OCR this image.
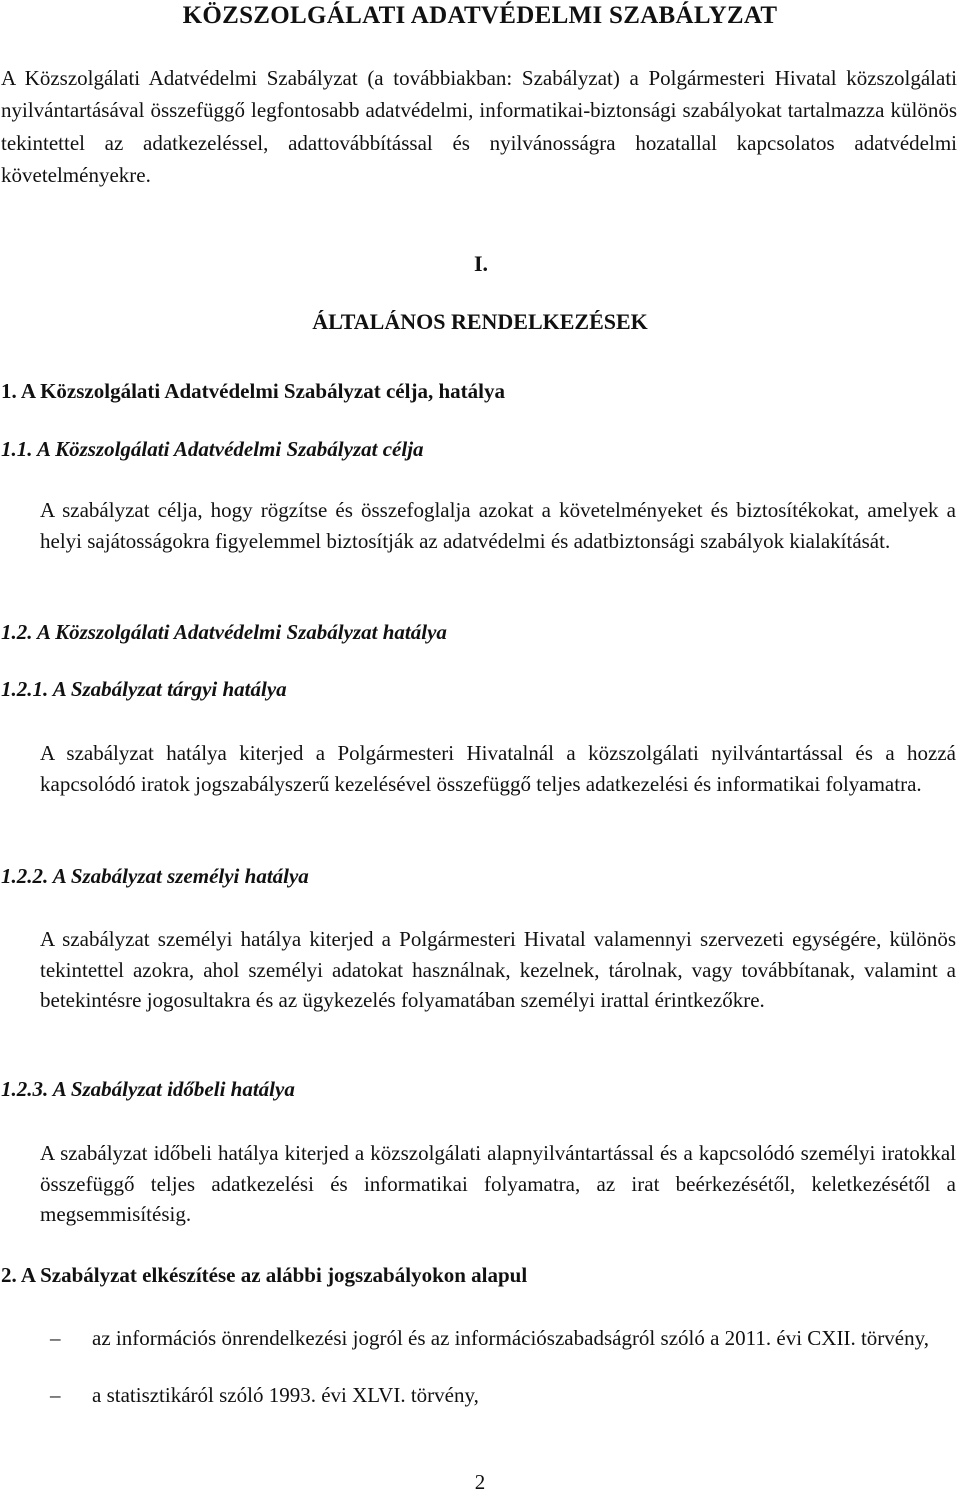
KÖZSZOLGÁLATI ADATVÉDELMI SZABÁLYZAT
A Közszolgálati Adatvédelmi Szabályzat (a továbbiakban: Szabályzat) a Polgármesteri Hivatal közszolgálati nyilvántartásával összefüggő legfontosabb adatvédelmi, informatikai-biztonsági szabályokat tartalmazza különös tekintettel az adatkezeléssel, adattovábbítással és nyilvánosságra hozatallal kapcsolatos adatvédelmi követelményekre.
I.
ÁLTALÁNOS RENDELKEZÉSEK
1. A Közszolgálati Adatvédelmi Szabályzat célja, hatálya
1.1. A Közszolgálati Adatvédelmi Szabályzat célja
A szabályzat célja, hogy rögzítse és összefoglalja azokat a követelményeket és biztosítékokat, amelyek a helyi sajátosságokra figyelemmel biztosítják az adatvédelmi és adatbiztonsági szabályok kialakítását.
1.2. A Közszolgálati Adatvédelmi Szabályzat hatálya
1.2.1. A Szabályzat tárgyi hatálya
A szabályzat hatálya kiterjed a Polgármesteri Hivatalnál a közszolgálati nyilvántartással és a hozzá kapcsolódó iratok jogszabályszerű kezelésével összefüggő teljes adatkezelési és informatikai folyamatra.
1.2.2. A Szabályzat személyi hatálya
A szabályzat személyi hatálya kiterjed a Polgármesteri Hivatal valamennyi szervezeti egységére, különös tekintettel azokra, ahol személyi adatokat használnak, kezelnek, tárolnak, vagy továbbítanak, valamint a betekintésre jogosultakra és az ügykezelés folyamatában személyi irattal érintkezőkre.
1.2.3. A Szabályzat időbeli hatálya
A szabályzat időbeli hatálya kiterjed a közszolgálati alapnyilvántartással és a kapcsolódó személyi iratokkal összefüggő teljes adatkezelési és informatikai folyamatra, az irat beérkezésétől, keletkezésétől a megsemmisítésig.
2. A Szabályzat elkészítése az alábbi jogszabályokon alapul
– az információs önrendelkezési jogról és az információszabadságról szóló a 2011. évi CXII. törvény,
– a statisztikáról szóló 1993. évi XLVI. törvény,
2
